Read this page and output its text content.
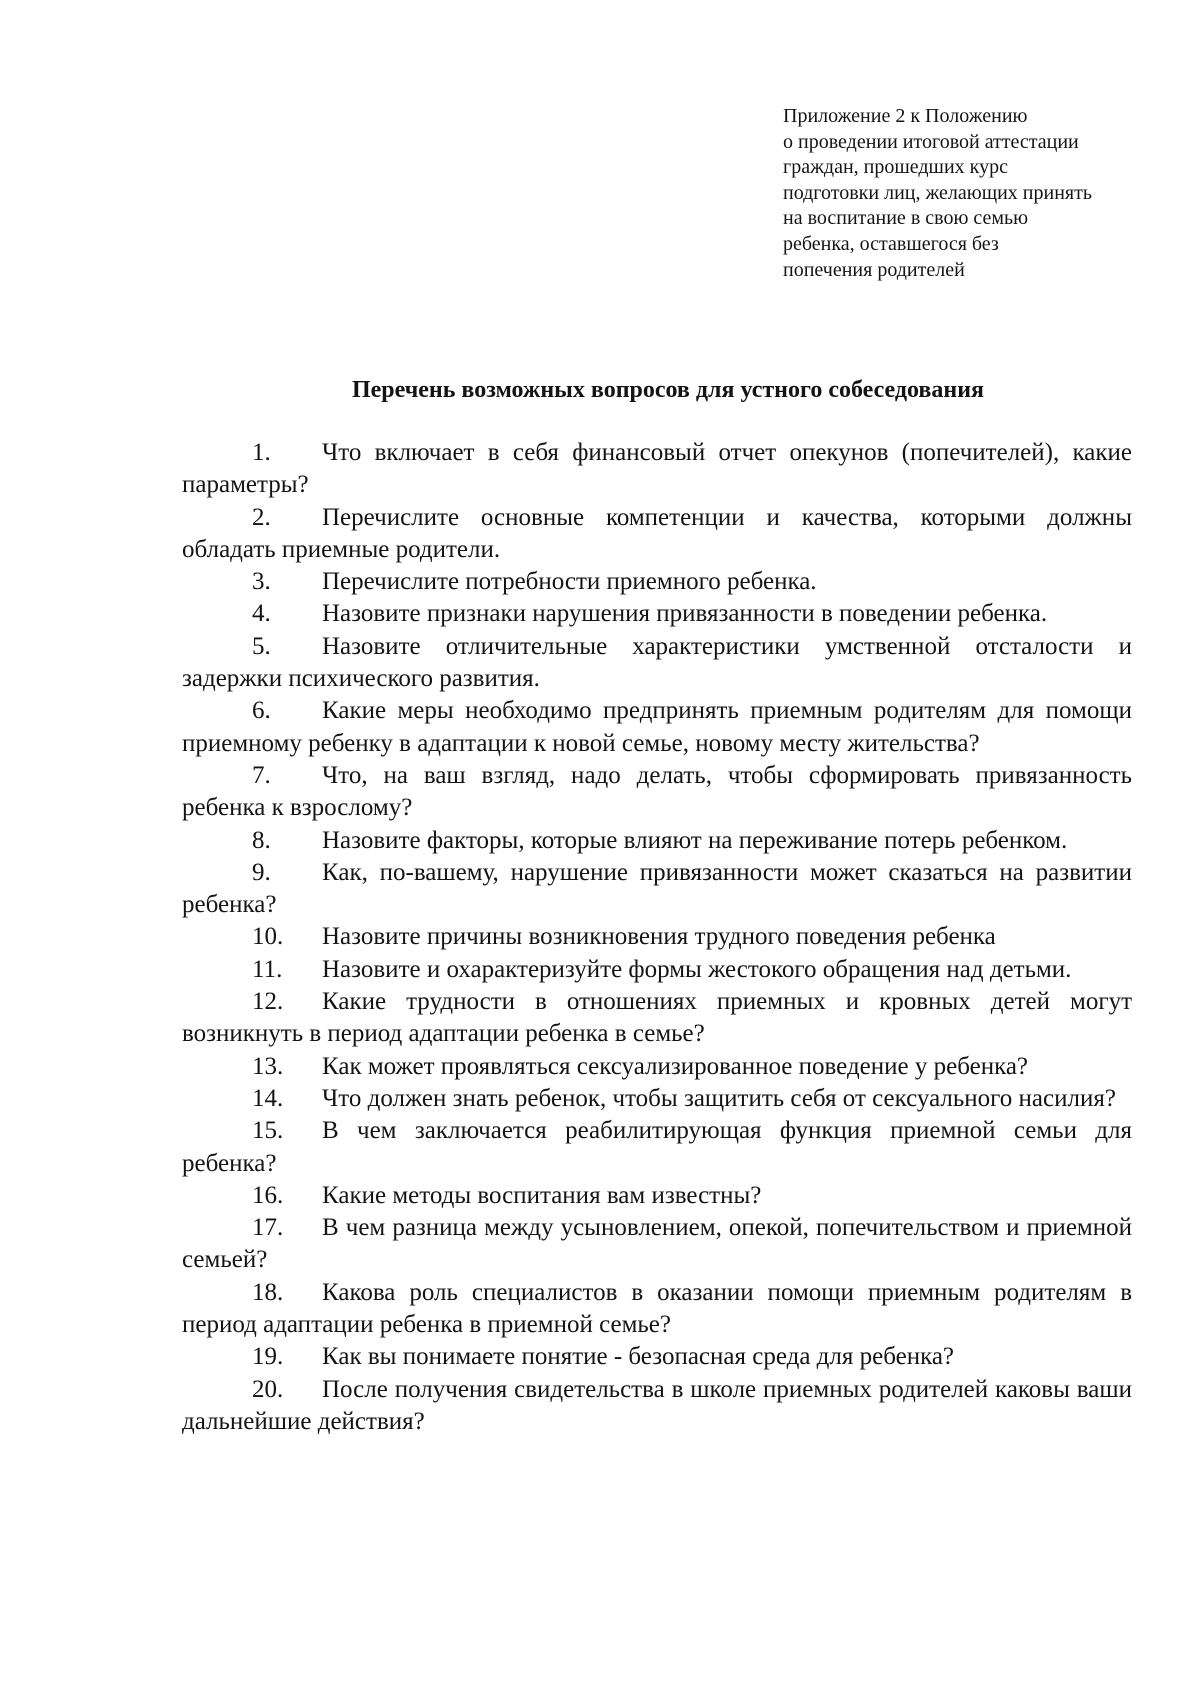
Приложение 2 к Положению
о проведении итоговой аттестации
граждан, прошедших курс
подготовки лиц, желающих принять
на воспитание в свою семью
ребенка, оставшегося без
попечения родителей
Перечень возможных вопросов для устного собеседования

1. Что включает в себя финансовый отчет опекунов (попечителей), какие параметры?

2. Перечислите основные компетенции и качества, которыми должны обладать приемные родители.

3. Перечислите потребности приемного ребенка.

4. Назовите признаки нарушения привязанности в поведении ребенка.

5. Назовите отличительные характеристики умственной отсталости и задержки психического развития.

6. Какие меры необходимо предпринять приемным родителям для помощи приемному ребенку в адаптации к новой семье, новому месту жительства?

7. Что, на ваш взгляд, надо делать, чтобы сформировать привязанность ребенка к взрослому?

8. Назовите факторы, которые влияют на переживание потерь ребенком.

9. Как, по-вашему, нарушение привязанности может сказаться на развитии ребенка?

10. Назовите причины возникновения трудного поведения ребенка

11. Назовите и охарактеризуйте формы жестокого обращения над детьми.

12. Какие трудности в отношениях приемных и кровных детей могут возникнуть в период адаптации ребенка в семье?

13. Как может проявляться сексуализированное поведение у ребенка?

14. Что должен знать ребенок, чтобы защитить себя от сексуального насилия?

15. В чем заключается реабилитирующая функция приемной семьи для ребенка?

16. Какие методы воспитания вам известны?

17. В чем разница между усыновлением, опекой, попечительством и приемной семьей?

18. Какова роль специалистов в оказании помощи приемным родителям в период адаптации ребенка в приемной семье?

19. Как вы понимаете понятие - безопасная среда для ребенка?

20. После получения свидетельства в школе приемных родителей каковы ваши дальнейшие действия?
